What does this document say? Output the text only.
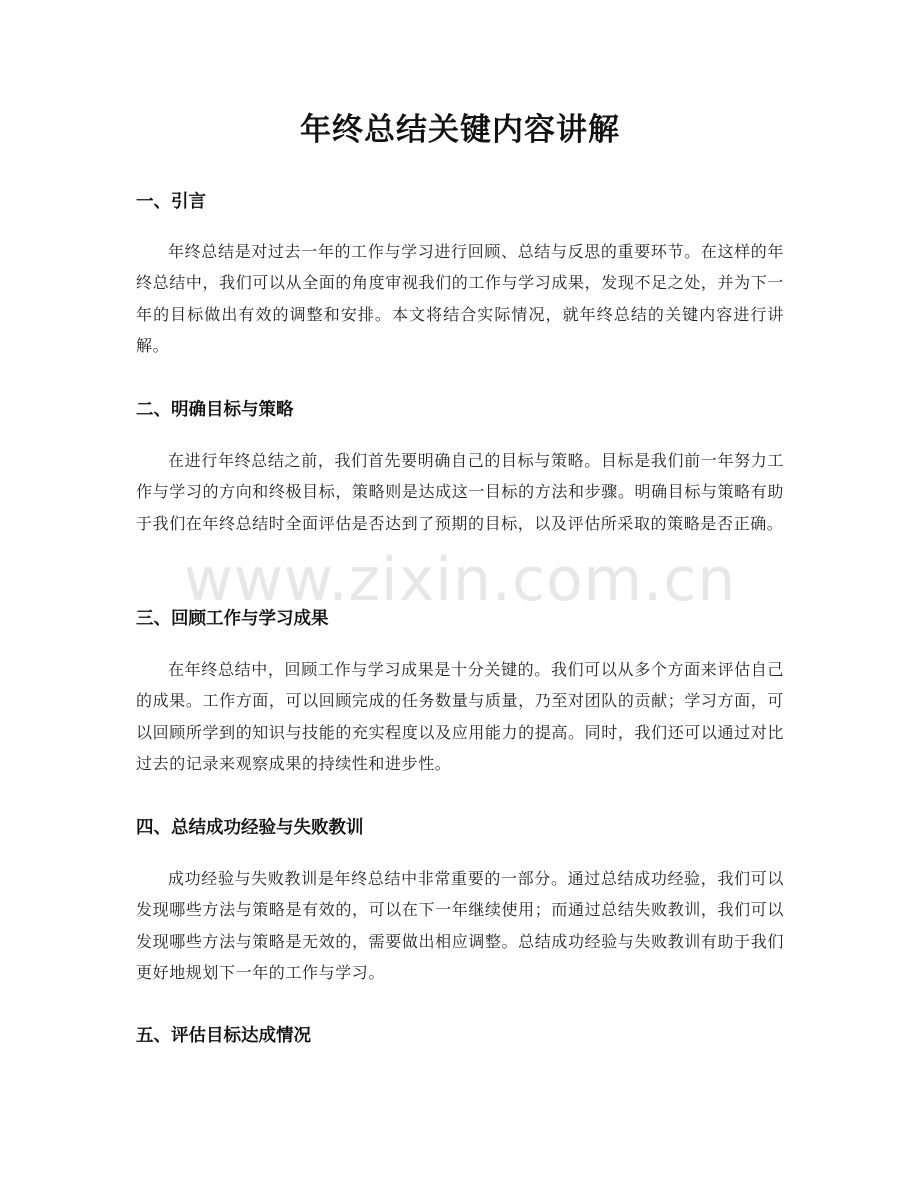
年终总结关键内容讲解
一、引言
年终总结是对过去一年的工作与学习进行回顾、总结与反思的重要环节。在这样的年终总结中，我们可以从全面的角度审视我们的工作与学习成果，发现不足之处，并为下一年的目标做出有效的调整和安排。本文将结合实际情况，就年终总结的关键内容进行讲解。
二、明确目标与策略
在进行年终总结之前，我们首先要明确自己的目标与策略。目标是我们前一年努力工作与学习的方向和终极目标，策略则是达成这一目标的方法和步骤。明确目标与策略有助于我们在年终总结时全面评估是否达到了预期的目标，以及评估所采取的策略是否正确。
三、回顾工作与学习成果
在年终总结中，回顾工作与学习成果是十分关键的。我们可以从多个方面来评估自己的成果。工作方面，可以回顾完成的任务数量与质量，乃至对团队的贡献；学习方面，可以回顾所学到的知识与技能的充实程度以及应用能力的提高。同时，我们还可以通过对比过去的记录来观察成果的持续性和进步性。
四、总结成功经验与失败教训
成功经验与失败教训是年终总结中非常重要的一部分。通过总结成功经验，我们可以发现哪些方法与策略是有效的，可以在下一年继续使用；而通过总结失败教训，我们可以发现哪些方法与策略是无效的，需要做出相应调整。总结成功经验与失败教训有助于我们更好地规划下一年的工作与学习。
五、评估目标达成情况
www.zixin.com.cn
